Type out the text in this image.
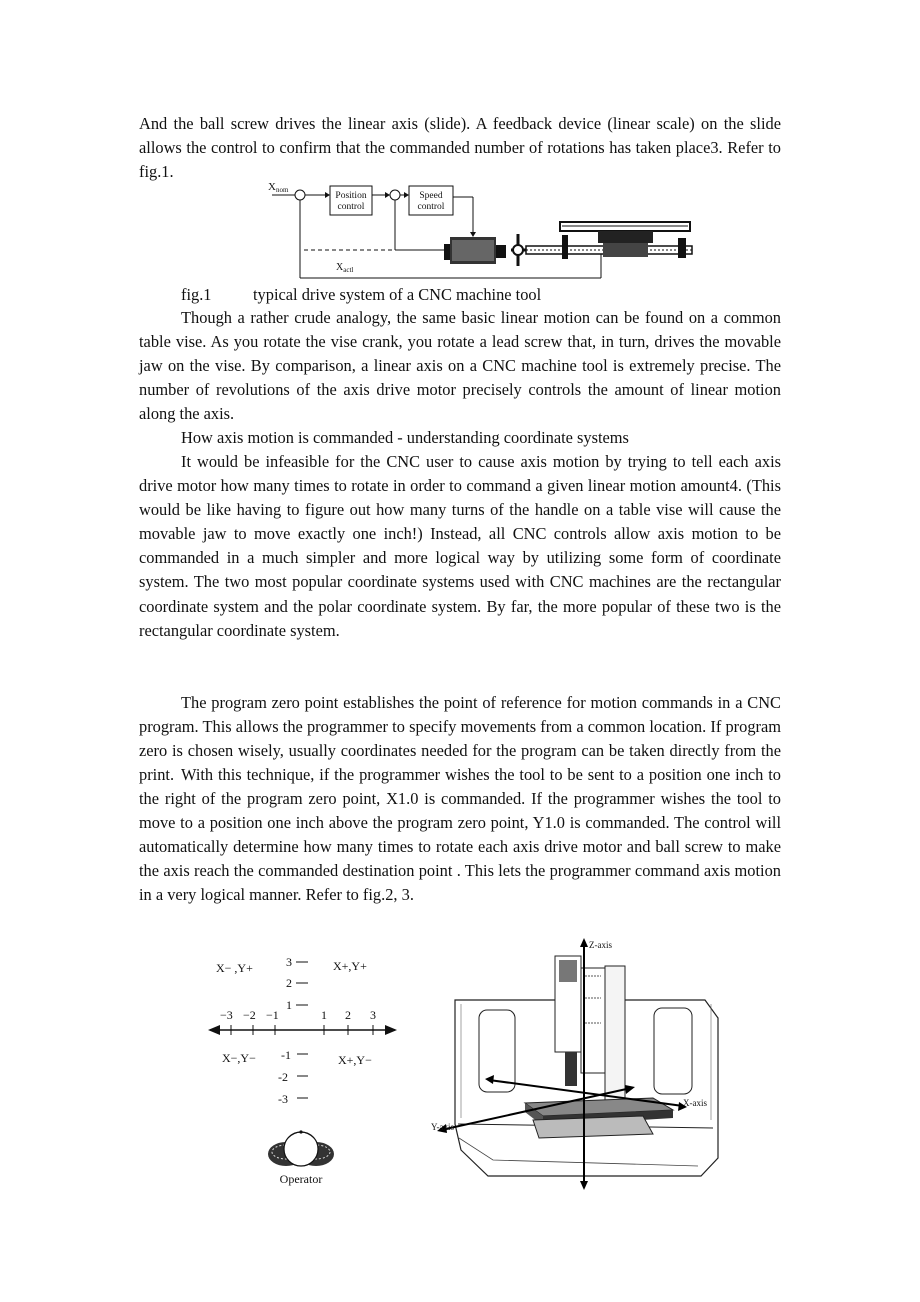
And the ball screw drives the linear axis (slide). A feedback device (linear scale) on the slide allows the control to confirm that the commanded number of rotations has taken place3. Refer to fig.1.

Xnom
Position
control
Speed
control
$X_{actl}$
fig.1	typical drive system of a CNC machine tool

Though a rather crude analogy, the same basic linear motion can be found on a common table vise. As you rotate the vise crank, you rotate a lead screw that, in turn, drives the movable jaw on the vise. By comparison, a linear axis on a CNC machine tool is extremely precise. The number of revolutions of the axis drive motor precisely controls the amount of linear motion along the axis.

How axis motion is commanded - understanding coordinate systems

It would be infeasible for the CNC user to cause axis motion by trying to tell each axis drive motor how many times to rotate in order to command a given linear motion amount4. (This would be like having to figure out how many turns of the handle on a table vise will cause the movable jaw to move exactly one inch!) Instead, all CNC controls allow axis motion to be commanded in a much simpler and more logical way by utilizing some form of coordinate system. The two most popular coordinate systems used with CNC machines are the rectangular coordinate system and the polar coordinate system. By far, the more popular of these two is the rectangular coordinate system.

The program zero point establishes the point of reference for motion commands in a CNC program. This allows the programmer to specify movements from a common location. If program zero is chosen wisely, usually coordinates needed for the program can be taken directly from the print. With this technique, if the programmer wishes the tool to be sent to a position one inch to the right of the program zero point, X1.0 is commanded. If the programmer wishes the tool to move to a position one inch above the program zero point, Y1.0 is commanded. The control will automatically determine how many times to rotate each axis drive motor and ball screw to make the axis reach the commanded destination point . This lets the programmer command axis motion in a very logical manner. Refer to fig.2, 3.

X− ,Y+	X+,Y+
X−,Y−	X+,Y−
3
2
1
-1
-2
-3
−3 −2 −1	1 2 3
Operator
Z-axis
X-axis
Y-axis
